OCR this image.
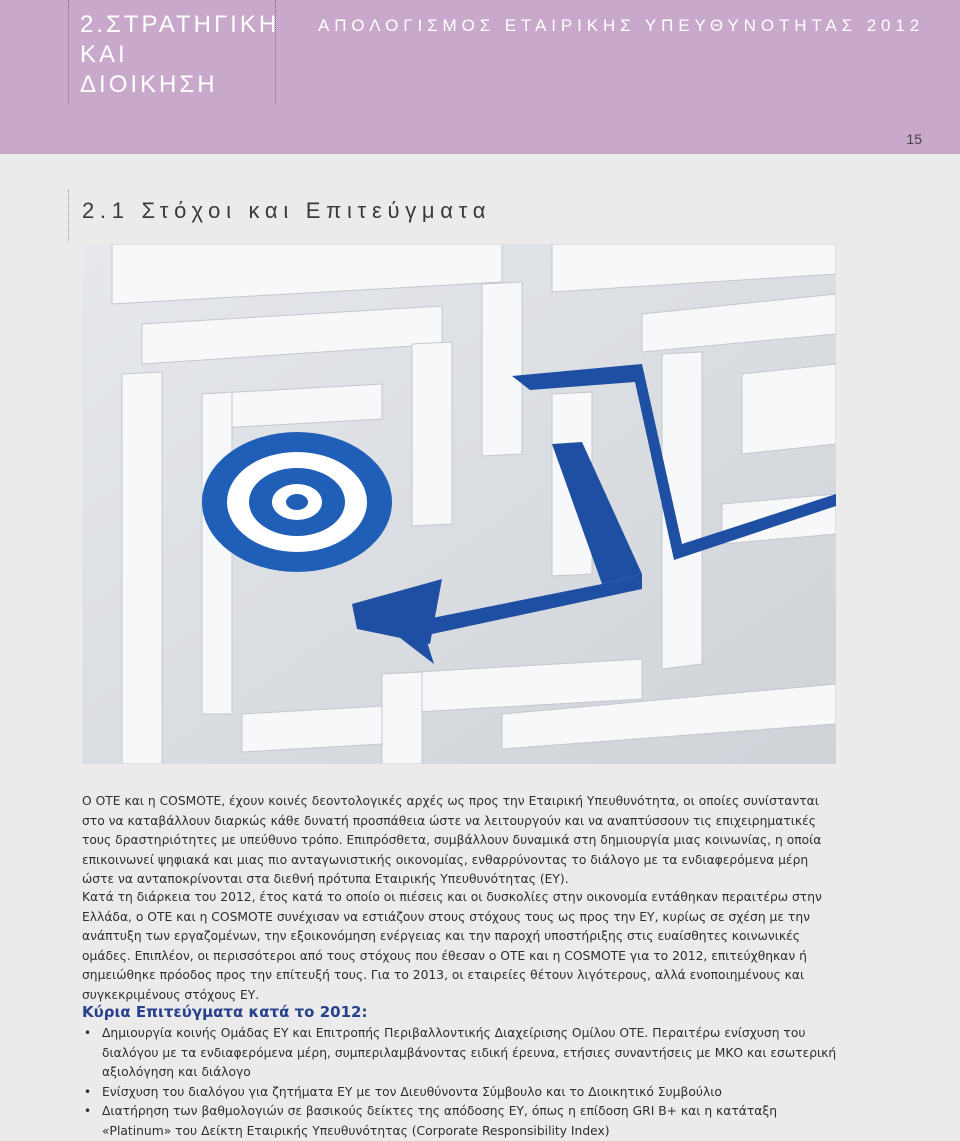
2.ΣΤΡΑΤΗΓΙΚΗ
ΚΑΙ
ΔΙΟΙΚΗΣΗ
ΑΠΟΛΟΓΙΣΜΟΣ ΕΤΑΙΡΙΚΗΣ ΥΠΕΥΘΥΝΟΤΗΤΑΣ 2012
15
2.1 Στόχοι και Επιτεύγματα

Ο ΟΤΕ και η COSMOTE, έχουν κοινές δεοντολογικές αρχές ως προς την Εταιρική Υπευθυνότητα, οι οποίες συνίστανται στο να καταβάλλουν διαρκώς κάθε δυνατή προσπάθεια ώστε να λειτουργούν και να αναπτύσσουν τις επιχειρηματικές τους δραστηριότητες με υπεύθυνο τρόπο. Επιπρόσθετα, συμβάλλουν δυναμικά στη δημιουργία μιας κοινωνίας, η οποία επικοινωνεί ψηφιακά και μιας πιο ανταγωνιστικής οικονομίας, ενθαρρύνοντας το διάλογο με τα ενδιαφερόμενα μέρη ώστε να ανταποκρίνονται στα διεθνή πρότυπα Εταιρικής Υπευθυνότητας (ΕΥ).

Κατά τη διάρκεια του 2012, έτος κατά το οποίο οι πιέσεις και οι δυσκολίες στην οικονομία εντάθηκαν περαιτέρω στην Ελλάδα, ο ΟΤΕ και η COSMOTE συνέχισαν να εστιάζουν στους στόχους τους ως προς την ΕΥ, κυρίως σε σχέση με την ανάπτυξη των εργαζομένων, την εξοικονόμηση ενέργειας και την παροχή υποστήριξης στις ευαίσθητες κοινωνικές ομάδες. Επιπλέον, οι περισσότεροι από τους στόχους που έθεσαν ο ΟΤΕ και η COSMOTE για το 2012, επιτεύχθηκαν ή σημειώθηκε πρόοδος προς την επίτευξή τους. Για το 2013, οι εταιρείες θέτουν λιγότερους, αλλά ενοποιημένους και συγκεκριμένους στόχους ΕΥ.

Κύρια Επιτεύγματα κατά το 2012:
• Δημιουργία κοινής Ομάδας ΕΥ και Επιτροπής Περιβαλλοντικής Διαχείρισης Ομίλου ΟΤΕ. Περαιτέρω ενίσχυση του διαλόγου με τα ενδιαφερόμενα μέρη, συμπεριλαμβάνοντας ειδική έρευνα, ετήσιες συναντήσεις με ΜΚΟ και εσωτερική αξιολόγηση και διάλογο
• Ενίσχυση του διαλόγου για ζητήματα ΕΥ με τον Διευθύνοντα Σύμβουλο και το Διοικητικό Συμβούλιο
• Διατήρηση των βαθμολογιών σε βασικούς δείκτες της απόδοσης ΕΥ, όπως η επίδοση GRI B+ και η κατάταξη «Platinum» του Δείκτη Εταιρικής Υπευθυνότητας (Corporate Responsibility Index)
